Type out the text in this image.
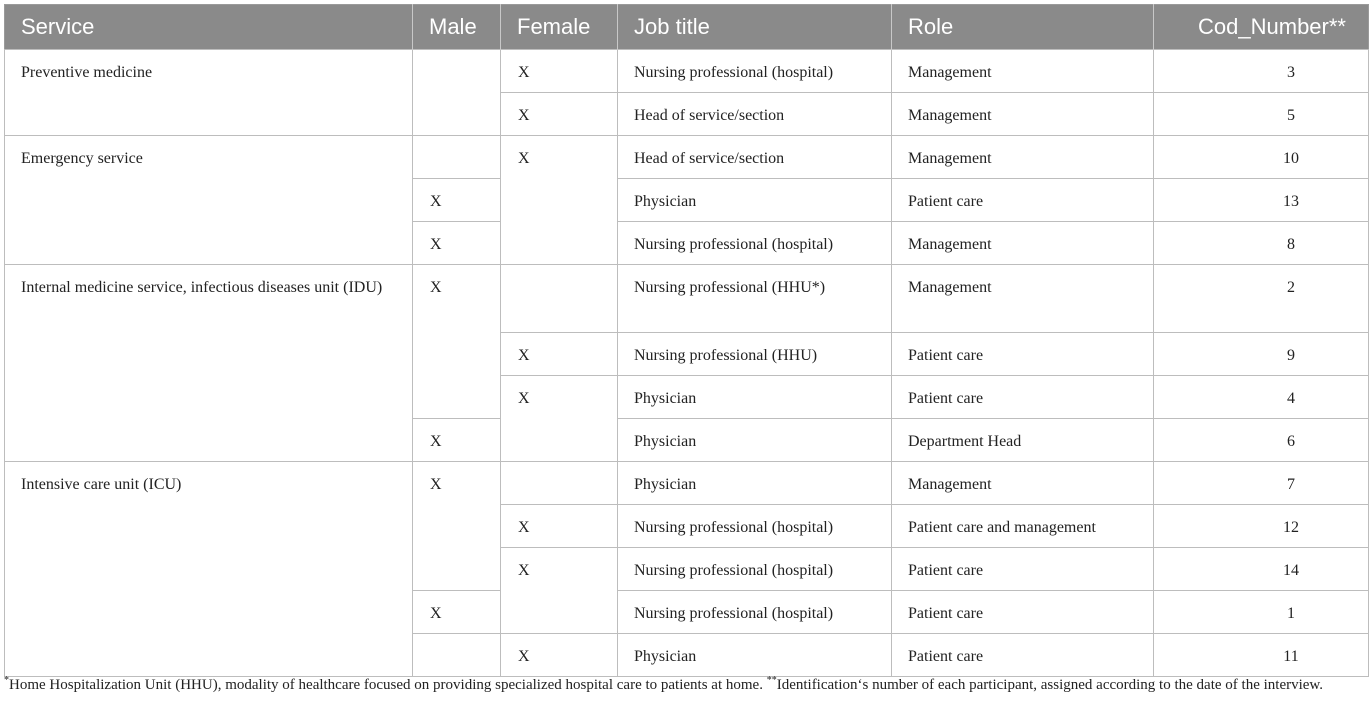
Service	Male	Female	Job title	Role	Cod_Number**
Preventive medicine		X	Nursing professional (hospital)	Management	3
		X	Head of service/section	Management	5
Emergency service		X	Head of service/section	Management	10
	X		Physician	Patient care	13
	X		Nursing professional (hospital)	Management	8
Internal medicine service, infectious diseases unit (IDU)	X		Nursing professional (HHU*)	Management	2
		X	Nursing professional (HHU)	Patient care	9
		X	Physician	Patient care	4
	X		Physician	Department Head	6
Intensive care unit (ICU)	X		Physician	Management	7
		X	Nursing professional (hospital)	Patient care and management	12
		X	Nursing professional (hospital)	Patient care	14
	X		Nursing professional (hospital)	Patient care	1
		X	Physician	Patient care	11
*Home Hospitalization Unit (HHU), modality of healthcare focused on providing specialized hospital care to patients at home. **Identification‘s number of each participant, assigned according to the date of the interview.
